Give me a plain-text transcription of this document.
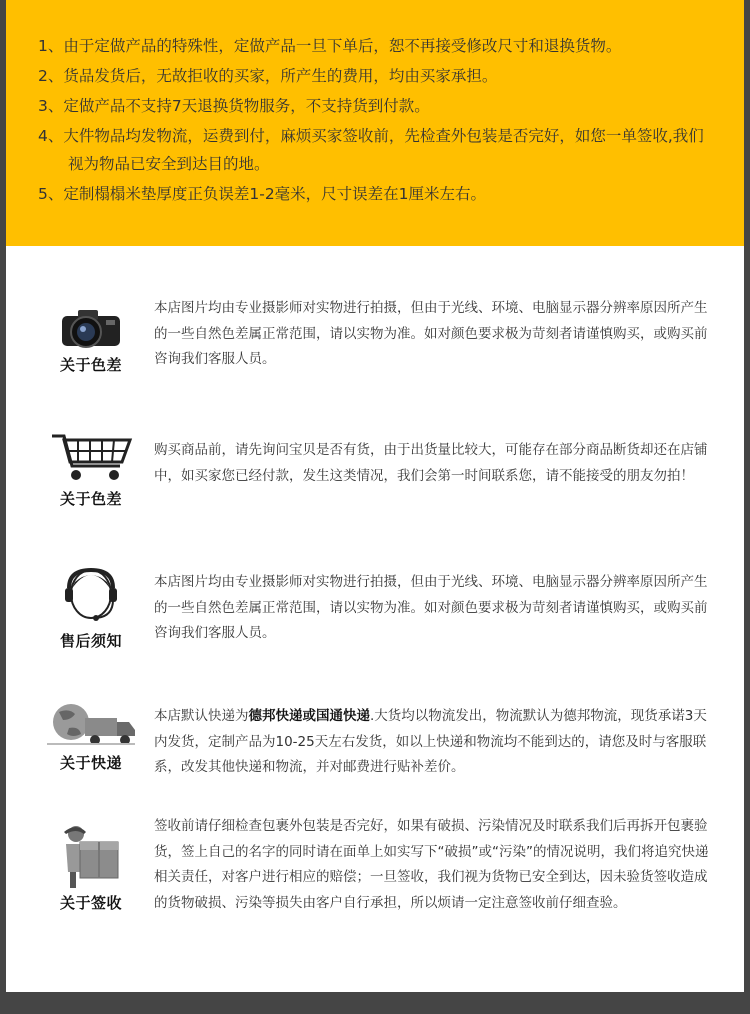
1、由于定做产品的特殊性，定做产品一旦下单后，恕不再接受修改尺寸和退换货物。
2、货品发货后，无故拒收的买家，所产生的费用，均由买家承担。
3、定做产品不支持7天退换货物服务，不支持货到付款。
4、大件物品均发物流，运费到付，麻烦买家签收前，先检查外包装是否完好，如您一单签收,我们
视为物品已安全到达目的地。
5、定制榻榻米垫厚度正负误差1-2毫米，尺寸误差在1厘米左右。
关于色差
本店图片均由专业摄影师对实物进行拍摄，但由于光线、环境、电脑显示器分辨率原因所产生的一些自然色差属正常范围，请以实物为准。如对颜色要求极为苛刻者请谨慎购买，或购买前咨询我们客服人员。
关于色差
购买商品前，请先询问宝贝是否有货，由于出货量比较大，可能存在部分商品断货却还在店铺中，如买家您已经付款，发生这类情况，我们会第一时间联系您，请不能接受的朋友勿拍！
售后须知
本店图片均由专业摄影师对实物进行拍摄，但由于光线、环境、电脑显示器分辨率原因所产生的一些自然色差属正常范围，请以实物为准。如对颜色要求极为苛刻者请谨慎购买，或购买前咨询我们客服人员。
关于快递
本店默认快递为德邦快递或国通快递.大货均以物流发出，物流默认为德邦物流，现货承诺3天内发货，定制产品为10-25天左右发货，如以上快递和物流均不能到达的，请您及时与客服联系，改发其他快递和物流，并对邮费进行贴补差价。
关于签收
签收前请仔细检查包裹外包装是否完好，如果有破损、污染情况及时联系我们后再拆开包裹验货，签上自己的名字的同时请在面单上如实写下“破损”或“污染”的情况说明，我们将追究快递相关责任，对客户进行相应的赔偿；一旦签收，我们视为货物已安全到达，因未验货签收造成的货物破损、污染等损失由客户自行承担，所以烦请一定注意签收前仔细查验。
